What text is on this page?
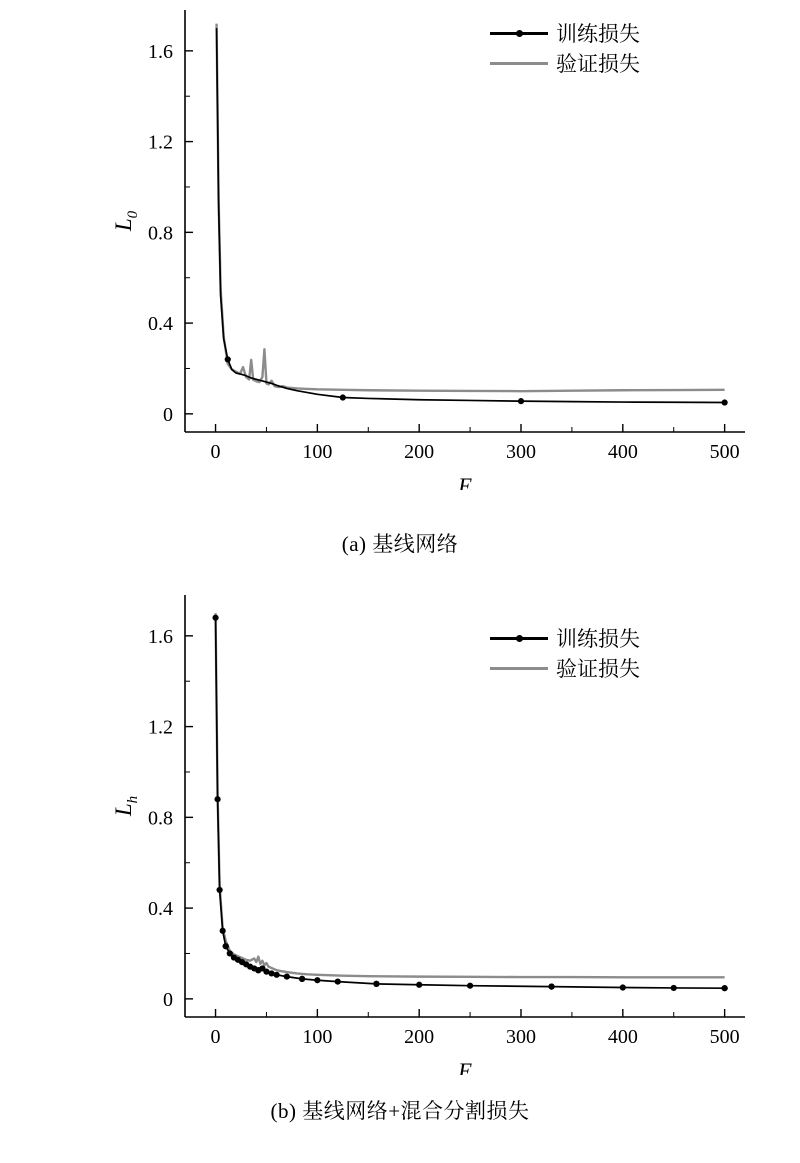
0	100	200	300	400	500
0
0.4
0.8
1.2
1.6
E
$L_0$
训练损失
验证损失
(a) 基线网络
0	100	200	300	400	500
0
0.4
0.8
1.2
1.6
E
$L_h$
训练损失
验证损失
(b) 基线网络+混合分割损失
